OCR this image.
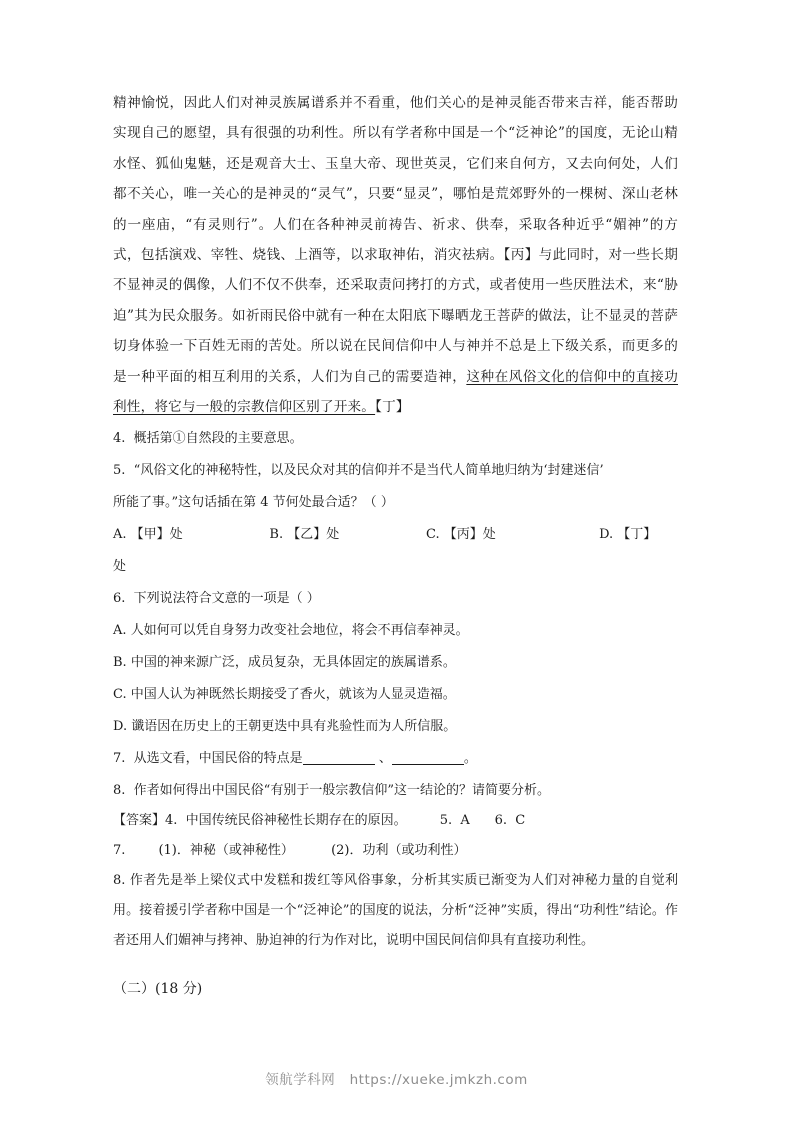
精神愉悦，因此人们对神灵族属谱系并不看重，他们关心的是神灵能否带来吉祥，能否帮助实现自己的愿望，具有很强的功利性。所以有学者称中国是一个“泛神论”的国度，无论山精水怪、狐仙鬼魅，还是观音大士、玉皇大帝、现世英灵，它们来自何方，又去向何处，人们都不关心，唯一关心的是神灵的“灵气”，只要“显灵”，哪怕是荒郊野外的一棵树、深山老林的一座庙，“有灵则行”。人们在各种神灵前祷告、祈求、供奉，采取各种近乎“媚神”的方式，包括演戏、宰牲、烧钱、上酒等，以求取神佑，消灾祛病。【丙】与此同时，对一些长期不显神灵的偶像，人们不仅不供奉，还采取责问拷打的方式，或者使用一些厌胜法术，来“胁迫”其为民众服务。如祈雨民俗中就有一种在太阳底下曝晒龙王菩萨的做法，让不显灵的菩萨切身体验一下百姓无雨的苦处。所以说在民间信仰中人与神并不总是上下级关系，而更多的是一种平面的相互利用的关系，人们为自己的需要造神，这种在风俗文化的信仰中的直接功利性，将它与一般的宗教信仰区别了开来。【丁】

4. 概括第①自然段的主要意思。

5. “风俗文化的神秘特性，以及民众对其的信仰并不是当代人简单地归纳为‘封建迷信’

所能了事。”这句话插在第 4 节何处最合适？（ ）

A. 【甲】处                     B. 【乙】处                     C. 【丙】处                         D. 【丁】

处

6. 下列说法符合文意的一项是（ ）

A. 人如何可以凭自身努力改变社会地位，将会不再信奉神灵。

B. 中国的神来源广泛，成员复杂，无具体固定的族属谱系。

C. 中国人认为神既然长期接受了香火，就该为人显灵造福。

D. 谶语因在历史上的王朝更迭中具有兆验性而为人所信服。

7. 从选文看，中国民俗的特点是	、	。

8. 作者如何得出中国民俗“有别于一般宗教信仰”这一结论的？请简要分析。

【答案】4.  中国传统民俗神秘性长期存在的原因。	5.  A 6.  C

7.        (1)．神秘（或神秘性）         (2)．功利（或功利性）

8. 作者先是举上梁仪式中发糕和拨红等风俗事象，分析其实质已渐变为人们对神秘力量的自觉利用。接着援引学者称中国是一个“泛神论”的国度的说法，分析“泛神”实质，得出“功利性”结论。作者还用人们媚神与拷神、胁迫神的行为作对比，说明中国民间信仰具有直接功利性。

（二）(18 分)

领航学科网 https://xueke.jmkzh.com
